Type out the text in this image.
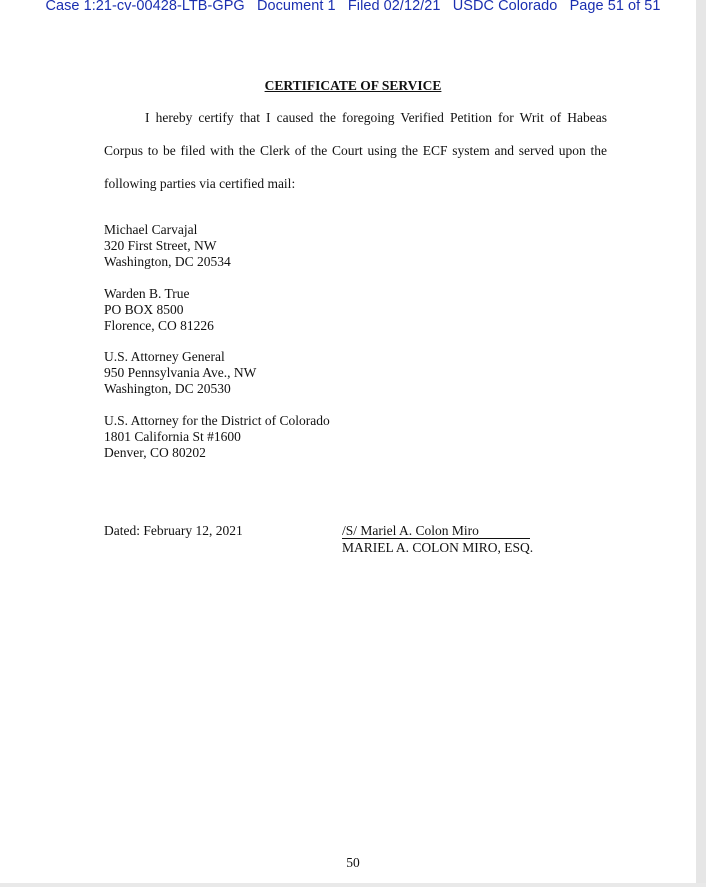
Case 1:21-cv-00428-LTB-GPG   Document 1   Filed 02/12/21   USDC Colorado   Page 51 of 51
CERTIFICATE OF SERVICE
I hereby certify that I caused the foregoing Verified Petition for Writ of Habeas
Corpus to be filed with the Clerk of the Court using the ECF system and served upon the
following parties via certified mail:
Michael Carvajal
320 First Street, NW
Washington, DC 20534
Warden B. True
PO BOX 8500
Florence, CO 81226
U.S. Attorney General
950 Pennsylvania Ave., NW
Washington, DC 20530
U.S. Attorney for the District of Colorado
1801 California St #1600
Denver, CO 80202
Dated: February 12, 2021	/S/ Mariel A. Colon Miro
MARIEL A. COLON MIRO, ESQ.
50
